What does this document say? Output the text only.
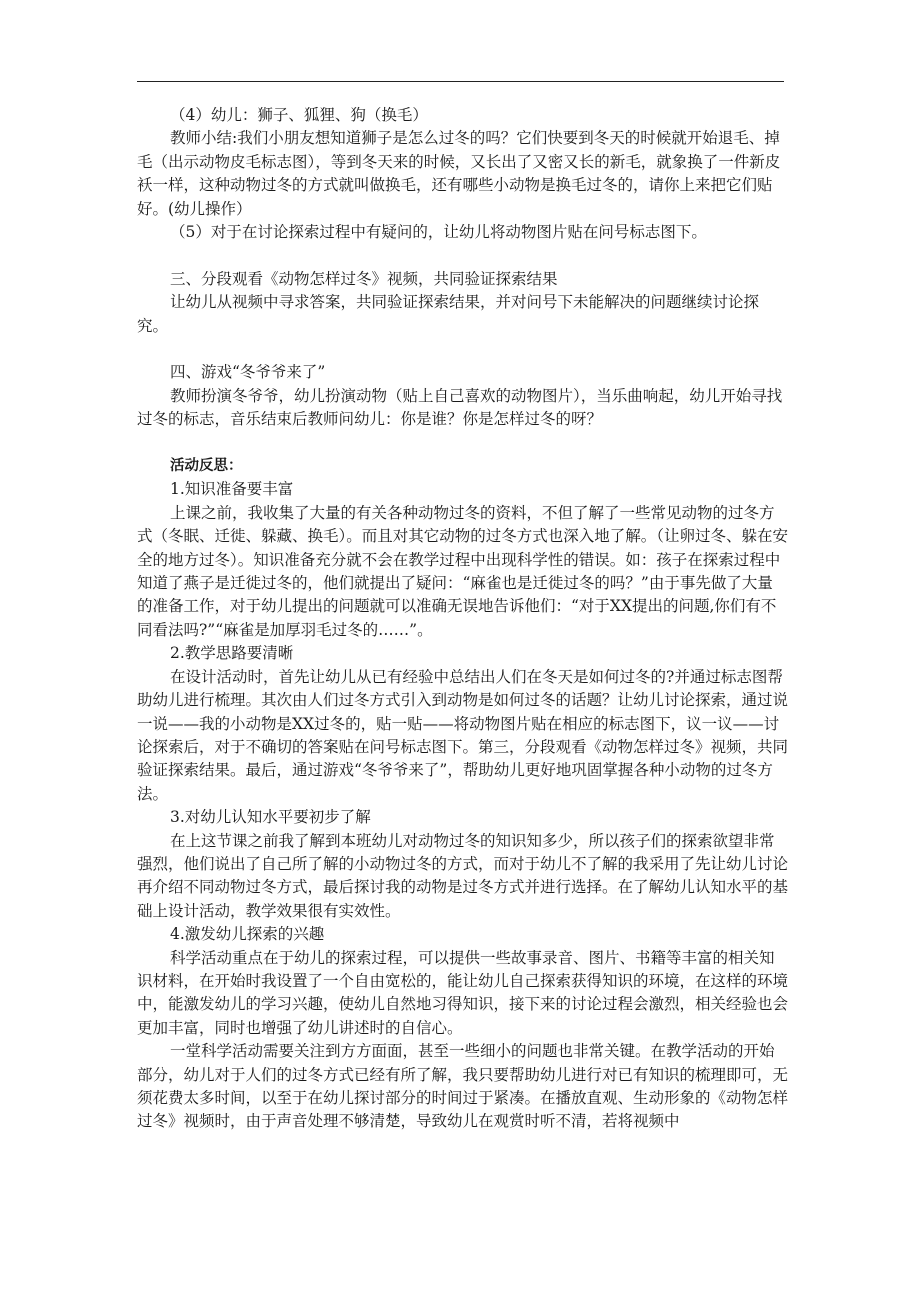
（4）幼儿：狮子、狐狸、狗（换毛）

教师小结:我们小朋友想知道狮子是怎么过冬的吗？它们快要到冬天的时候就开始退毛、掉毛（出示动物皮毛标志图），等到冬天来的时候，又长出了又密又长的新毛，就象换了一件新皮袄一样，这种动物过冬的方式就叫做换毛，还有哪些小动物是换毛过冬的，请你上来把它们贴好。(幼儿操作）

（5）对于在讨论探索过程中有疑问的，让幼儿将动物图片贴在问号标志图下。

三、分段观看《动物怎样过冬》视频，共同验证探索结果

让幼儿从视频中寻求答案，共同验证探索结果，并对问号下未能解决的问题继续讨论探究。

四、游戏“冬爷爷来了”

教师扮演冬爷爷，幼儿扮演动物（贴上自己喜欢的动物图片），当乐曲响起，幼儿开始寻找过冬的标志，音乐结束后教师问幼儿：你是谁？你是怎样过冬的呀？

活动反思：

1.知识准备要丰富

上课之前，我收集了大量的有关各种动物过冬的资料，不但了解了一些常见动物的过冬方式（冬眠、迁徙、躲藏、换毛）。而且对其它动物的过冬方式也深入地了解。（让卵过冬、躲在安全的地方过冬）。知识准备充分就不会在教学过程中出现科学性的错误。如：孩子在探索过程中知道了燕子是迁徙过冬的，他们就提出了疑问：“麻雀也是迁徙过冬的吗？”由于事先做了大量的准备工作，对于幼儿提出的问题就可以准确无误地告诉他们：“对于XX提出的问题,你们有不同看法吗?”“麻雀是加厚羽毛过冬的……”。

2.教学思路要清晰

在设计活动时，首先让幼儿从已有经验中总结出人们在冬天是如何过冬的?并通过标志图帮助幼儿进行梳理。其次由人们过冬方式引入到动物是如何过冬的话题？让幼儿讨论探索，通过说一说——我的小动物是XX过冬的，贴一贴——将动物图片贴在相应的标志图下，议一议——讨论探索后，对于不确切的答案贴在问号标志图下。第三，分段观看《动物怎样过冬》视频，共同验证探索结果。最后，通过游戏“冬爷爷来了”，帮助幼儿更好地巩固掌握各种小动物的过冬方法。

3.对幼儿认知水平要初步了解

在上这节课之前我了解到本班幼儿对动物过冬的知识知多少，所以孩子们的探索欲望非常强烈，他们说出了自己所了解的小动物过冬的方式，而对于幼儿不了解的我采用了先让幼儿讨论再介绍不同动物过冬方式，最后探讨我的动物是过冬方式并进行选择。在了解幼儿认知水平的基础上设计活动，教学效果很有实效性。

4.激发幼儿探索的兴趣

科学活动重点在于幼儿的探索过程，可以提供一些故事录音、图片、书籍等丰富的相关知识材料，在开始时我设置了一个自由宽松的，能让幼儿自己探索获得知识的环境，在这样的环境中，能激发幼儿的学习兴趣，使幼儿自然地习得知识，接下来的讨论过程会激烈，相关经验也会更加丰富，同时也增强了幼儿讲述时的自信心。

一堂科学活动需要关注到方方面面，甚至一些细小的问题也非常关键。在教学活动的开始部分，幼儿对于人们的过冬方式已经有所了解，我只要帮助幼儿进行对已有知识的梳理即可，无须花费太多时间，以至于在幼儿探讨部分的时间过于紧凑。在播放直观、生动形象的《动物怎样过冬》视频时，由于声音处理不够清楚，导致幼儿在观赏时听不清，若将视频中
